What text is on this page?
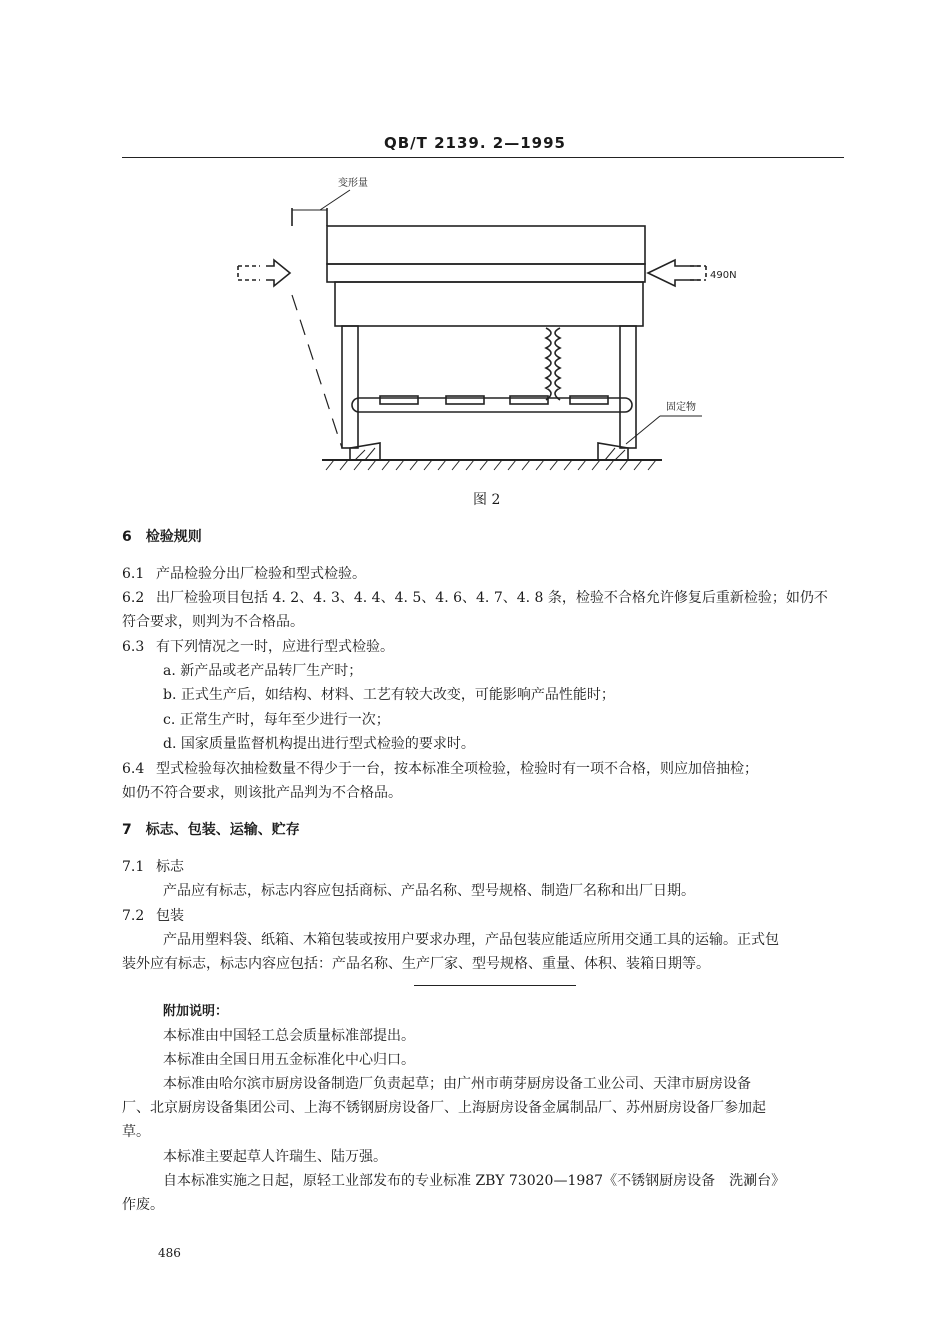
QB/T 2139. 2—1995
变形量
490N
固定物
图 2
6　检验规则
6.1 产品检验分出厂检验和型式检验。
6.2 出厂检验项目包括 4. 2、4. 3、4. 4、4. 5、4. 6、4. 7、4. 8 条，检验不合格允许修复后重新检验；如仍不
符合要求，则判为不合格品。
6.3 有下列情况之一时，应进行型式检验。
a. 新产品或老产品转厂生产时；
b. 正式生产后，如结构、材料、工艺有较大改变，可能影响产品性能时；
c. 正常生产时，每年至少进行一次；
d. 国家质量监督机构提出进行型式检验的要求时。
6.4 型式检验每次抽检数量不得少于一台，按本标准全项检验，检验时有一项不合格，则应加倍抽检；
如仍不符合要求，则该批产品判为不合格品。
7　标志、包装、运输、贮存
7.1 标志
产品应有标志，标志内容应包括商标、产品名称、型号规格、制造厂名称和出厂日期。
7.2 包装
产品用塑料袋、纸箱、木箱包装或按用户要求办理，产品包装应能适应所用交通工具的运输。正式包
装外应有标志，标志内容应包括：产品名称、生产厂家、型号规格、重量、体积、装箱日期等。
附加说明：
本标准由中国轻工总会质量标准部提出。
本标准由全国日用五金标准化中心归口。
本标准由哈尔滨市厨房设备制造厂负责起草；由广州市萌芽厨房设备工业公司、天津市厨房设备
厂、北京厨房设备集团公司、上海不锈钢厨房设备厂、上海厨房设备金属制品厂、苏州厨房设备厂参加起
草。
本标准主要起草人许瑞生、陆万强。
自本标准实施之日起，原轻工业部发布的专业标准 ZBY 73020—1987《不锈钢厨房设备　洗涮台》
作废。
486
